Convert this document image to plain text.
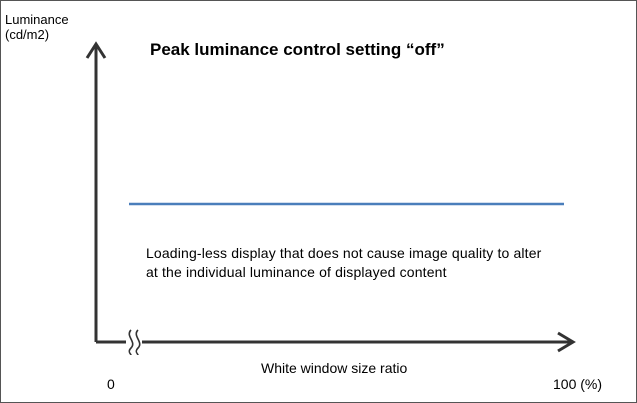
Luminance
(cd/m2)
Peak luminance control setting “off”
Loading-less display that does not cause image quality to alter
at the individual luminance of displayed content
White window size ratio
0	100 (%)
